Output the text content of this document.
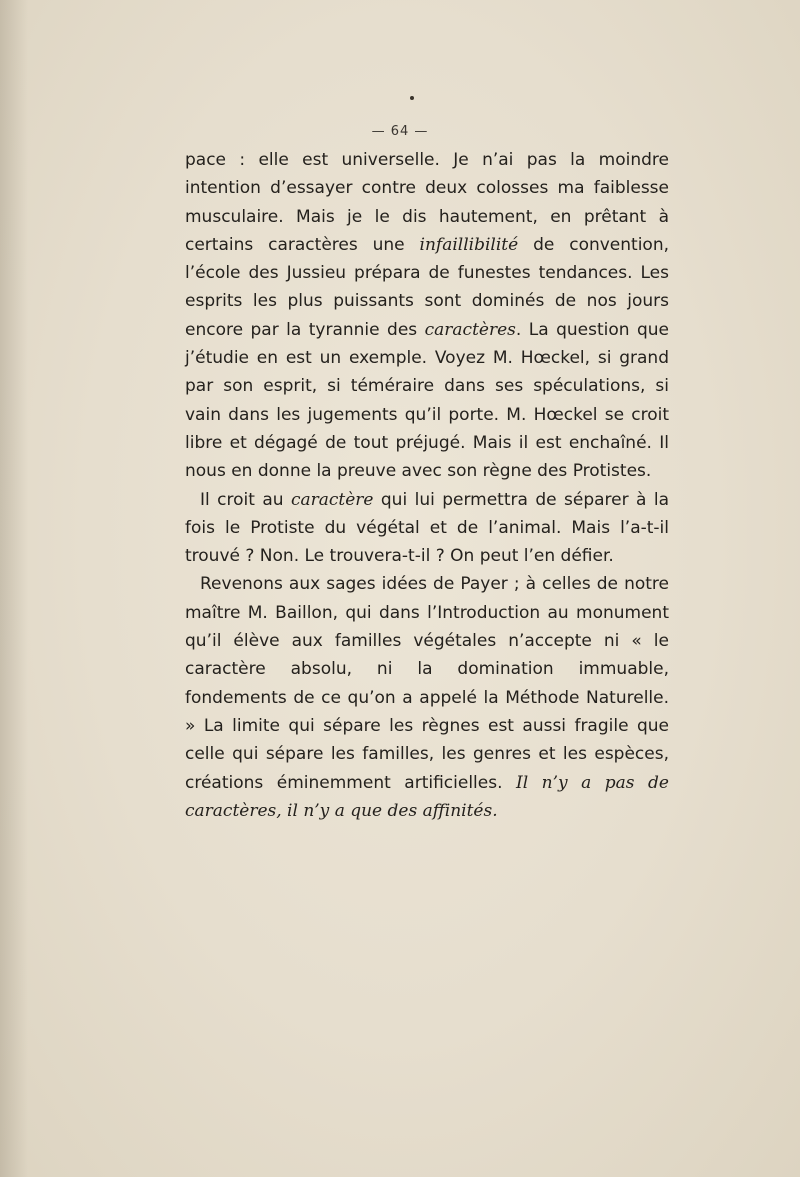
— 64 —

pace : elle est universelle. Je n’ai pas la moindre intention d’essayer contre deux colosses ma faiblesse musculaire. Mais je le dis hautement, en prêtant à certains caractères une infaillibilité de convention, l’école des Jussieu prépara de funestes tendances. Les esprits les plus puissants sont dominés de nos jours encore par la tyrannie des caractères. La question que j’étudie en est un exemple. Voyez M. Hœckel, si grand par son esprit, si téméraire dans ses spéculations, si vain dans les jugements qu’il porte. M. Hœckel se croit libre et dégagé de tout préjugé. Mais il est enchaîné. Il nous en donne la preuve avec son règne des Protistes.

Il croit au caractère qui lui permettra de séparer à la fois le Protiste du végétal et de l’animal. Mais l’a-t-il trouvé ? Non. Le trouvera-t-il ? On peut l’en défier.

Revenons aux sages idées de Payer ; à celles de notre maître M. Baillon, qui dans l’Introduction au monument qu’il élève aux familles végétales n’accepte ni « le caractère absolu, ni la domination immuable, fondements de ce qu’on a appelé la Méthode Naturelle. » La limite qui sépare les règnes est aussi fragile que celle qui sépare les familles, les genres et les espèces, créations éminemment artificielles. Il n’y a pas de caractères, il n’y a que des affinités.
